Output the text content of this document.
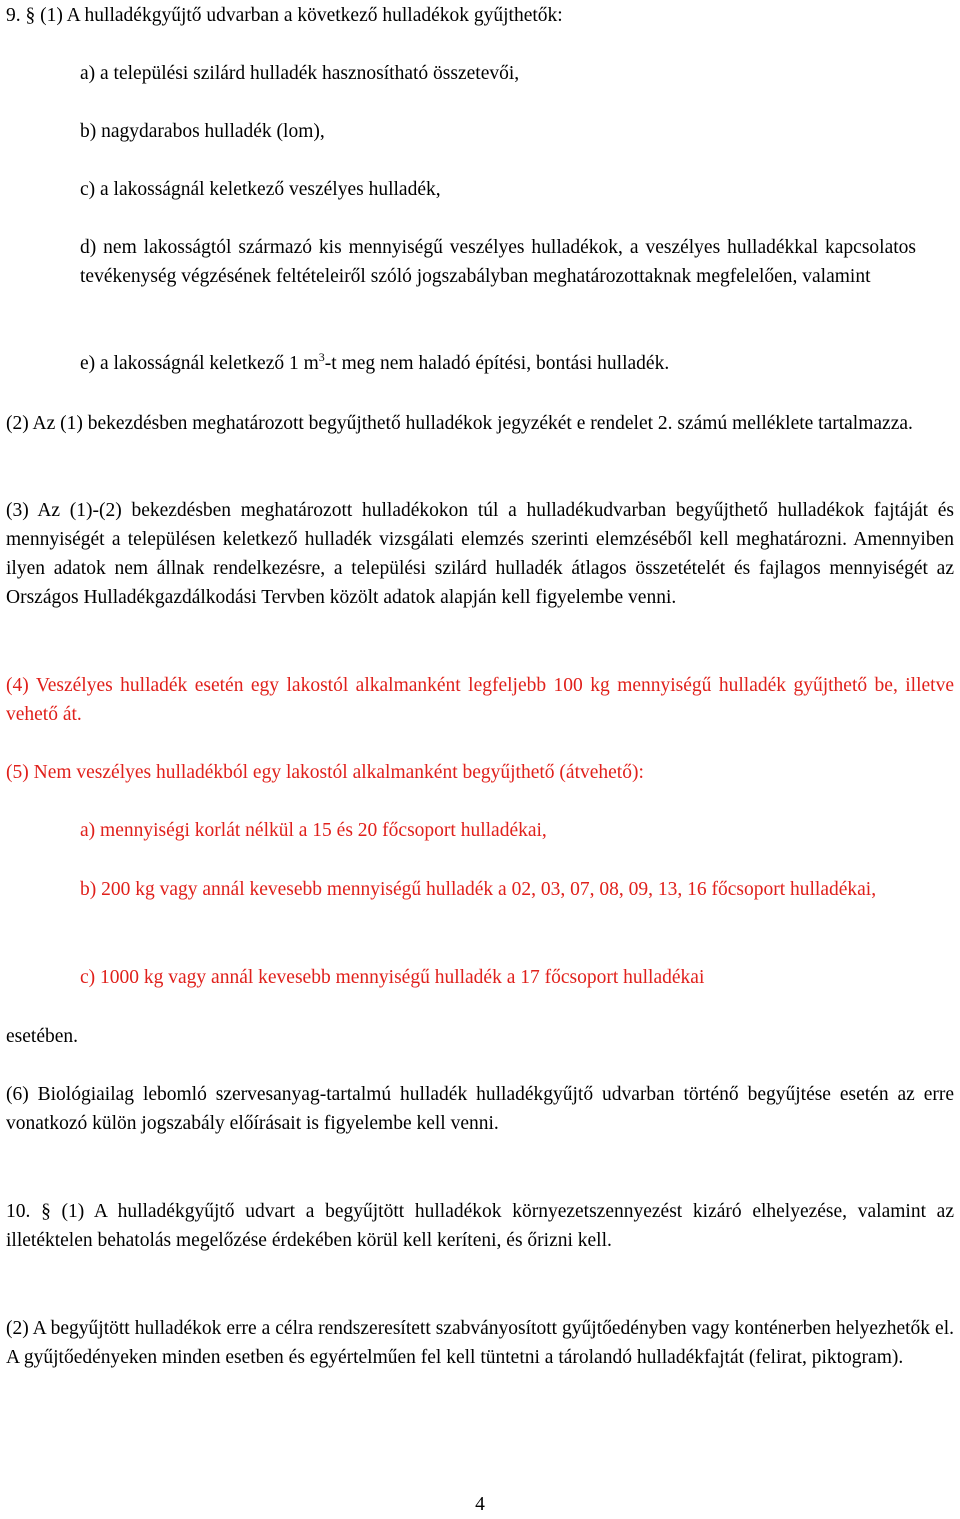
9. § (1) A hulladékgyűjtő udvarban a következő hulladékok gyűjthetők:

a) a települési szilárd hulladék hasznosítható összetevői,

b) nagydarabos hulladék (lom),

c) a lakosságnál keletkező veszélyes hulladék,

d) nem lakosságtól származó kis mennyiségű veszélyes hulladékok, a veszélyes hulladékkal kapcsolatos tevékenység végzésének feltételeiről szóló jogszabályban meghatározottaknak megfelelően, valamint

e) a lakosságnál keletkező 1 $m^3-t$ meg nem haladó építési, bontási hulladék.

(2) Az (1) bekezdésben meghatározott begyűjthető hulladékok jegyzékét e rendelet 2. számú melléklete tartalmazza.

(3) Az (1)-(2) bekezdésben meghatározott hulladékokon túl a hulladékudvarban begyűjthető hulladékok fajtáját és mennyiségét a településen keletkező hulladék vizsgálati elemzés szerinti elemzéséből kell meghatározni. Amennyiben ilyen adatok nem állnak rendelkezésre, a települési szilárd hulladék átlagos összetételét és fajlagos mennyiségét az Országos Hulladékgazdálkodási Tervben közölt adatok alapján kell figyelembe venni.

(4) Veszélyes hulladék esetén egy lakostól alkalmanként legfeljebb 100 kg mennyiségű hulladék gyűjthető be, illetve vehető át.

(5) Nem veszélyes hulladékból egy lakostól alkalmanként begyűjthető (átvehető):

a) mennyiségi korlát nélkül a 15 és 20 főcsoport hulladékai,

b) 200 kg vagy annál kevesebb mennyiségű hulladék a 02, 03, 07, 08, 09, 13, 16 főcsoport hulladékai,

c) 1000 kg vagy annál kevesebb mennyiségű hulladék a 17 főcsoport hulladékai

esetében.

(6) Biológiailag lebomló szervesanyag-tartalmú hulladék hulladékgyűjtő udvarban történő begyűjtése esetén az erre vonatkozó külön jogszabály előírásait is figyelembe kell venni.

10. § (1) A hulladékgyűjtő udvart a begyűjtött hulladékok környezetszennyezést kizáró elhelyezése, valamint az illetéktelen behatolás megelőzése érdekében körül kell keríteni, és őrizni kell.

(2) A begyűjtött hulladékok erre a célra rendszeresített szabványosított gyűjtőedényben vagy konténerben helyezhetők el. A gyűjtőedényeken minden esetben és egyértelműen fel kell tüntetni a tárolandó hulladékfajtát (felirat, piktogram).

4
